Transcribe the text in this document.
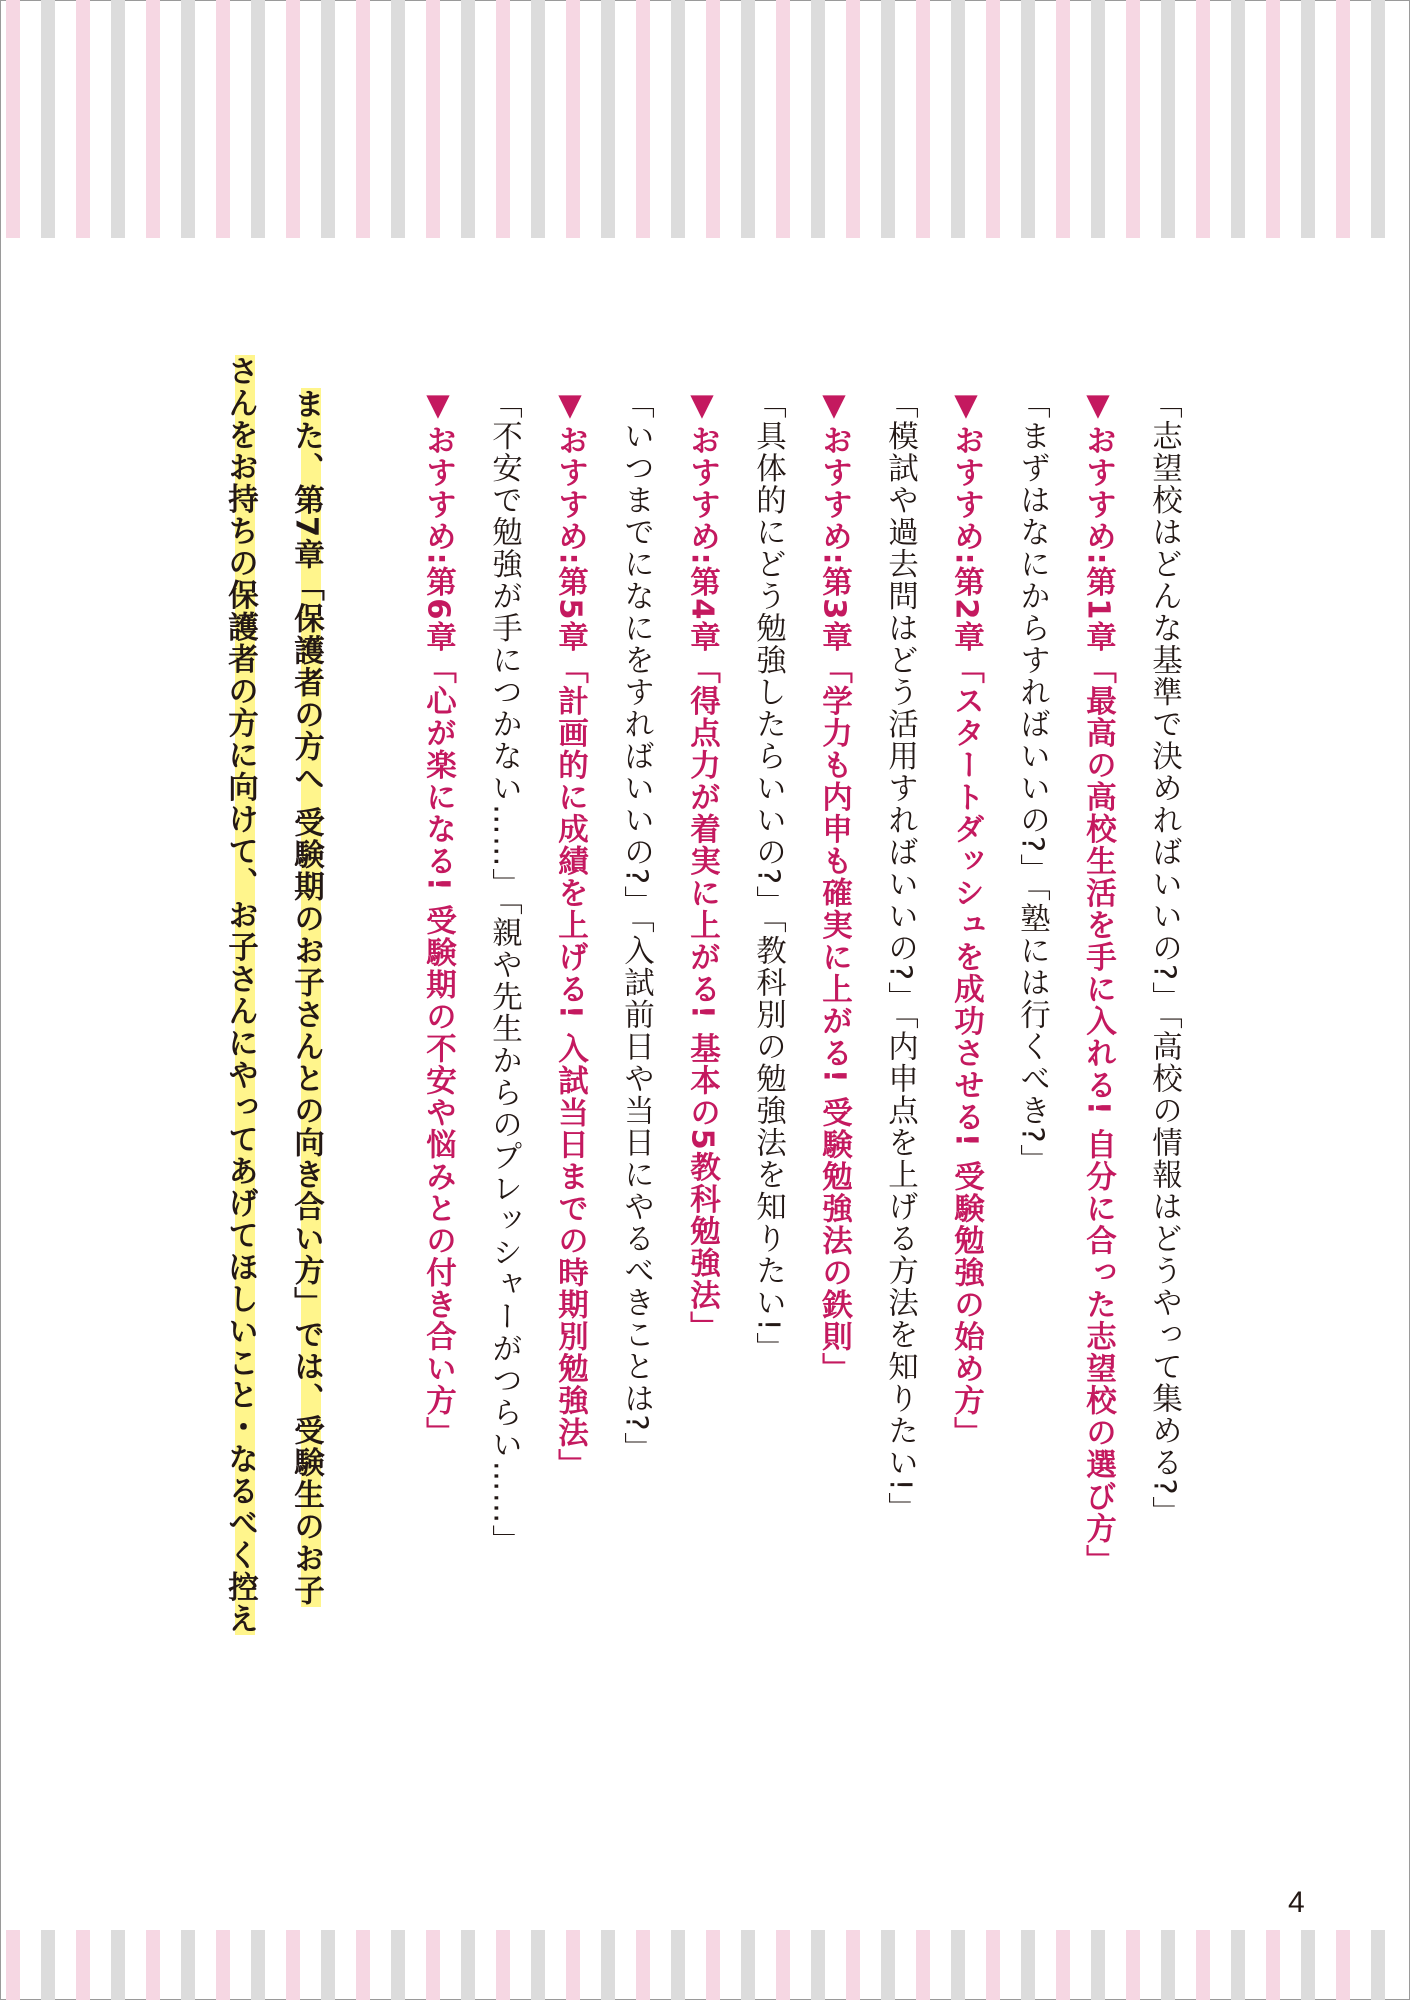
「志望校はどんな基準で決めればいいの?」「高校の情報はどうやって集める?」
▼おすすめ:第1章「最高の高校生活を手に入れる! 自分に合った志望校の選び方」
「まずはなにからすればいいの?」「塾には行くべき?」
▼おすすめ:第2章「スタートダッシュを成功させる! 受験勉強の始め方」
「模試や過去問はどう活用すればいいの?」「内申点を上げる方法を知りたい!」
▼おすすめ:第3章「学力も内申も確実に上がる! 受験勉強法の鉄則」
「具体的にどう勉強したらいいの?」「教科別の勉強法を知りたい!」
▼おすすめ:第4章「得点力が着実に上がる! 基本の5教科勉強法」
「いつまでになにをすればいいの?」「入試前日や当日にやるべきことは?」
▼おすすめ:第5章「計画的に成績を上げる! 入試当日までの時期別勉強法」
「不安で勉強が手につかない……」「親や先生からのプレッシャーがつらい……」
▼おすすめ:第6章「心が楽になる! 受験期の不安や悩みとの付き合い方」
また、第7章「保護者の方へ 受験期のお子さんとの向き合い方」では、受験生のお子
さんをお持ちの保護者の方に向けて、お子さんにやってあげてほしいこと・なるべく控え
4
